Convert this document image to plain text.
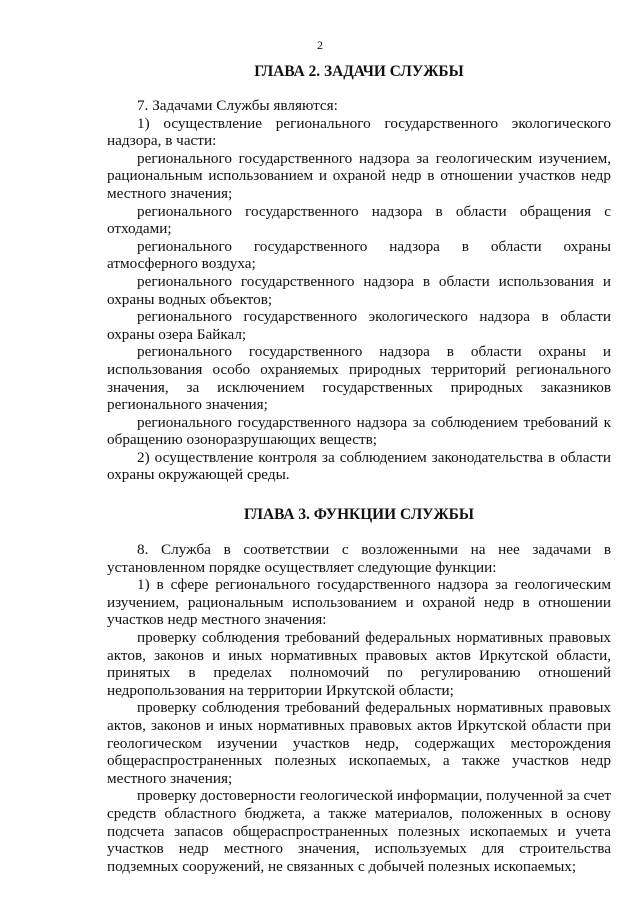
2
ГЛАВА 2. ЗАДАЧИ СЛУЖБЫ

7. Задачами Службы являются:

1) осуществление регионального государственного экологического надзора, в части:

регионального государственного надзора за геологическим изучением, рациональным использованием и охраной недр в отношении участков недр местного значения;

регионального государственного надзора в области обращения с отходами;

регионального государственного надзора в области охраны атмосферного воздуха;

регионального государственного надзора в области использования и охраны водных объектов;

регионального государственного экологического надзора в области охраны озера Байкал;

регионального государственного надзора в области охраны и использования особо охраняемых природных территорий регионального значения, за исключением государственных природных заказников регионального значения;

регионального государственного надзора за соблюдением требований к обращению озоноразрушающих веществ;

2) осуществление контроля за соблюдением законодательства в области охраны окружающей среды.

ГЛАВА 3. ФУНКЦИИ СЛУЖБЫ

8. Служба в соответствии с возложенными на нее задачами в установленном порядке осуществляет следующие функции:

1) в сфере регионального государственного надзора за геологическим изучением, рациональным использованием и охраной недр в отношении участков недр местного значения:

проверку соблюдения требований федеральных нормативных правовых актов, законов и иных нормативных правовых актов Иркутской области, принятых в пределах полномочий по регулированию отношений недропользования на территории Иркутской области;

проверку соблюдения требований федеральных нормативных правовых актов, законов и иных нормативных правовых актов Иркутской области при геологическом изучении участков недр, содержащих месторождения общераспространенных полезных ископаемых, а также участков недр местного значения;

проверку достоверности геологической информации, полученной за счет средств областного бюджета, а также материалов, положенных в основу подсчета запасов общераспространенных полезных ископаемых и учета участков недр местного значения, используемых для строительства подземных сооружений, не связанных с добычей полезных ископаемых;
